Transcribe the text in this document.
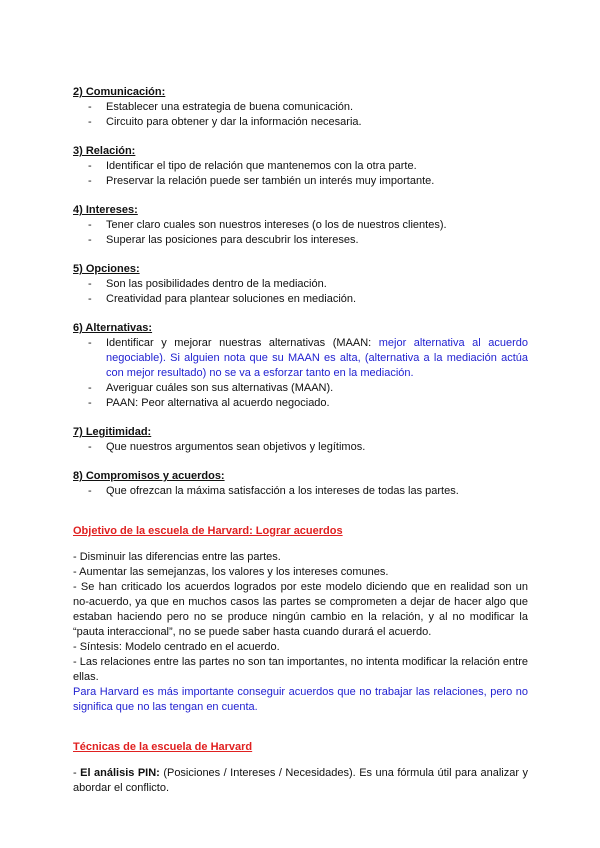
2) Comunicación:

- Establecer una estrategia de buena comunicación.
- Circuito para obtener y dar la información necesaria.

3) Relación:

- Identificar el tipo de relación que mantenemos con la otra parte.
- Preservar la relación puede ser también un interés muy importante.

4) Intereses:

- Tener claro cuales son nuestros intereses (o los de nuestros clientes).
- Superar las posiciones para descubrir los intereses.

5) Opciones:

- Son las posibilidades dentro de la mediación.
- Creatividad para plantear soluciones en mediación.

6) Alternativas:

- Identificar y mejorar nuestras alternativas (MAAN: mejor alternativa al acuerdo negociable). Si alguien nota que su MAAN es alta, (alternativa a la mediación actúa con mejor resultado) no se va a esforzar tanto en la mediación.
- Averiguar cuáles son sus alternativas (MAAN).
- PAAN: Peor alternativa al acuerdo negociado.

7) Legitimidad:

- Que nuestros argumentos sean objetivos y legítimos.

8) Compromisos y acuerdos:

- Que ofrezcan la máxima satisfacción a los intereses de todas las partes.

Objetivo de la escuela de Harvard: Lograr acuerdos

- Disminuir las diferencias entre las partes.

- Aumentar las semejanzas, los valores y los intereses comunes.

- Se han criticado los acuerdos logrados por este modelo diciendo que en realidad son un no-acuerdo, ya que en muchos casos las partes se comprometen a dejar de hacer algo que estaban haciendo pero no se produce ningún cambio en la relación, y al no modificar la “pauta interaccional”, no se puede saber hasta cuando durará el acuerdo.

- Síntesis: Modelo centrado en el acuerdo.

- Las relaciones entre las partes no son tan importantes, no intenta modificar la relación entre ellas.

Para Harvard es más importante conseguir acuerdos que no trabajar las relaciones, pero no significa que no las tengan en cuenta.

Técnicas de la escuela de Harvard

- El análisis PIN: (Posiciones / Intereses / Necesidades). Es una fórmula útil para analizar y abordar el conflicto.
